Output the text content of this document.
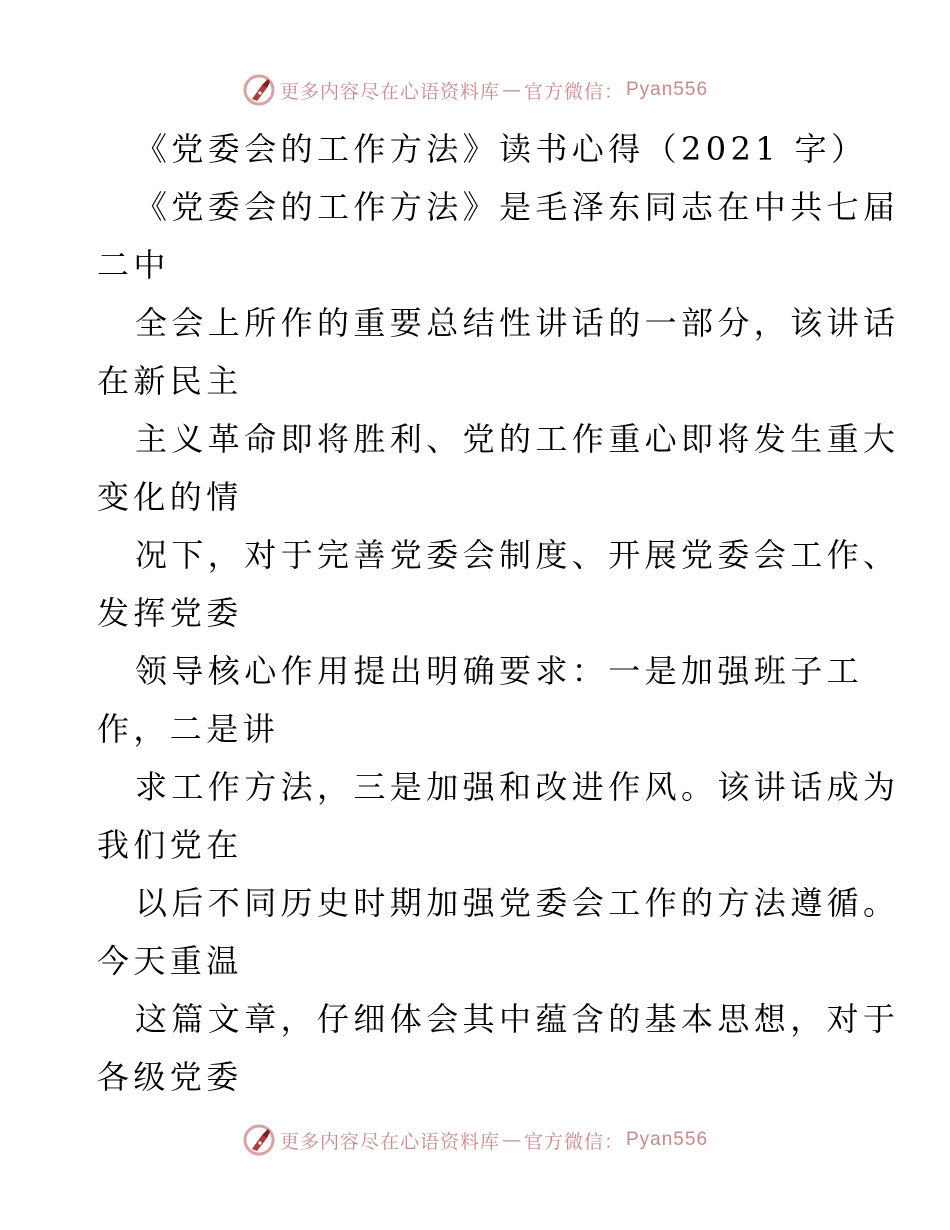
更多内容尽在心语资料库 — 官方微信： Pyan556
《党委会的工作方法》读书心得（2021 字）
《党委会的工作方法》是毛泽东同志在中共七届
二中
全会上所作的重要总结性讲话的一部分，该讲话
在新民主
主义革命即将胜利、党的工作重心即将发生重大
变化的情
况下，对于完善党委会制度、开展党委会工作、
发挥党委
领导核心作用提出明确要求：一是加强班子工
作，二是讲
求工作方法，三是加强和改进作风。该讲话成为
我们党在
以后不同历史时期加强党委会工作的方法遵循。
今天重温
这篇文章，仔细体会其中蕴含的基本思想，对于
各级党委
更多内容尽在心语资料库 — 官方微信： Pyan556
